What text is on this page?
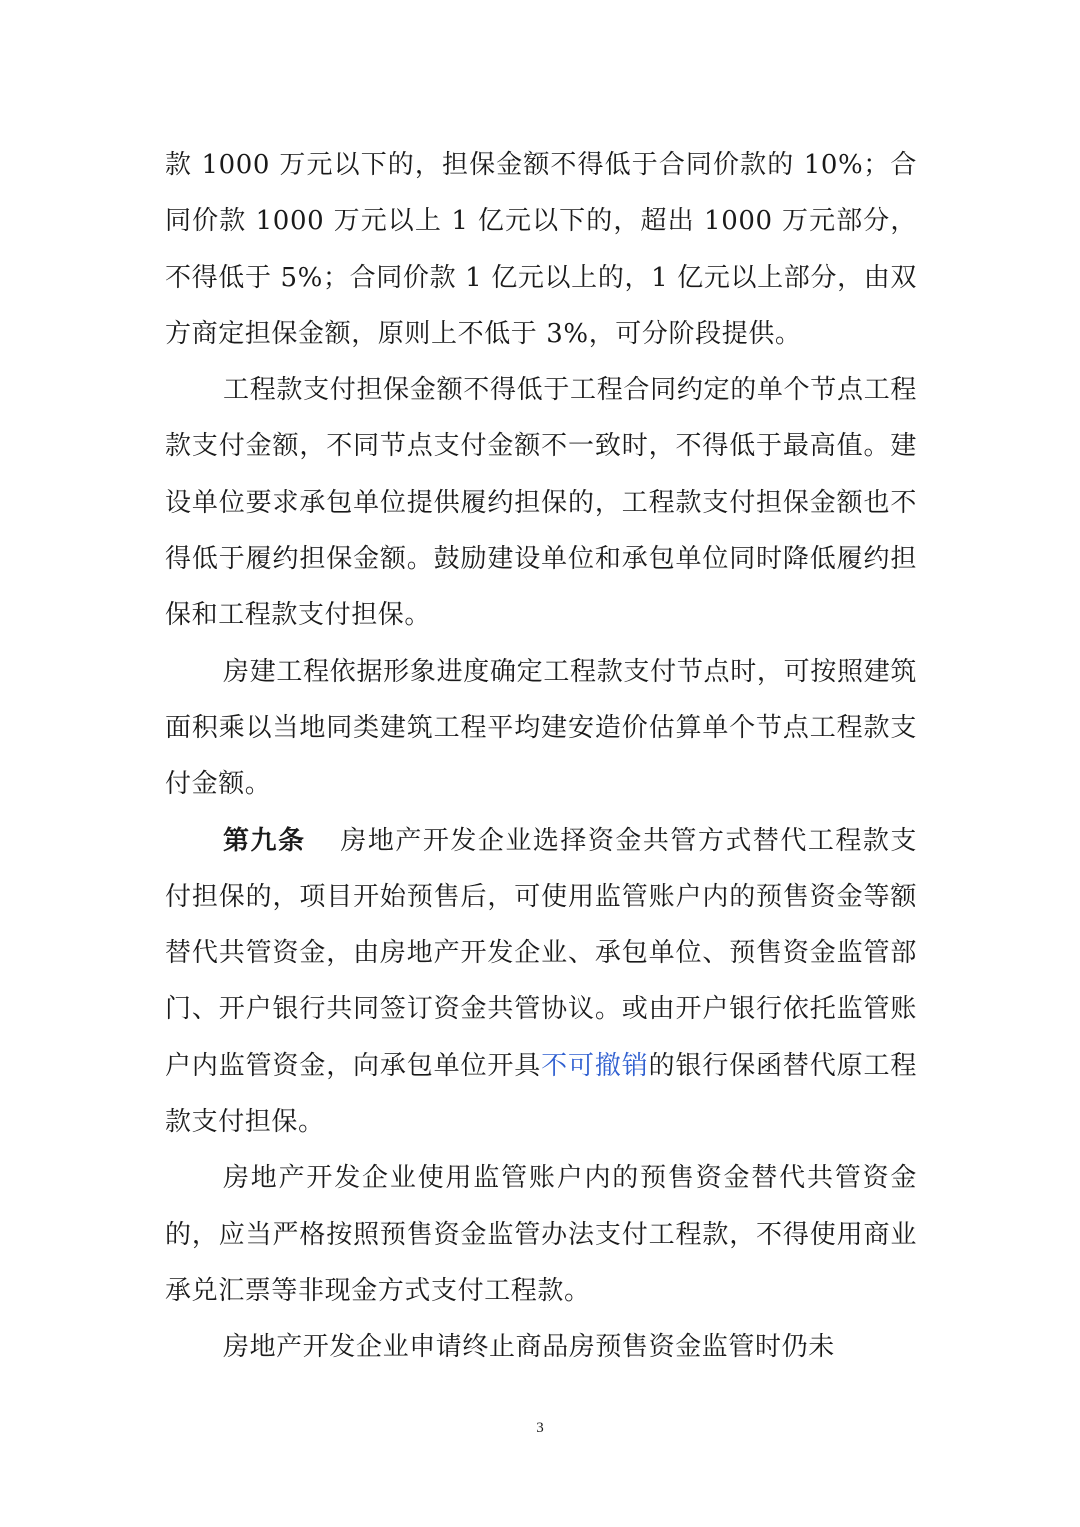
款 1000 万元以下的，担保金额不得低于合同价款的 10%；合同价款 1000 万元以上 1 亿元以下的，超出 1000 万元部分，不得低于 5%；合同价款 1 亿元以上的，1 亿元以上部分，由双方商定担保金额，原则上不低于 3%，可分阶段提供。

工程款支付担保金额不得低于工程合同约定的单个节点工程款支付金额，不同节点支付金额不一致时，不得低于最高值。建设单位要求承包单位提供履约担保的，工程款支付担保金额也不得低于履约担保金额。鼓励建设单位和承包单位同时降低履约担保和工程款支付担保。

房建工程依据形象进度确定工程款支付节点时，可按照建筑面积乘以当地同类建筑工程平均建安造价估算单个节点工程款支付金额。

第九条 房地产开发企业选择资金共管方式替代工程款支付担保的，项目开始预售后，可使用监管账户内的预售资金等额替代共管资金，由房地产开发企业、承包单位、预售资金监管部门、开户银行共同签订资金共管协议。或由开户银行依托监管账户内监管资金，向承包单位开具不可撤销的银行保函替代原工程款支付担保。

房地产开发企业使用监管账户内的预售资金替代共管资金的，应当严格按照预售资金监管办法支付工程款，不得使用商业承兑汇票等非现金方式支付工程款。

房地产开发企业申请终止商品房预售资金监管时仍未

3
